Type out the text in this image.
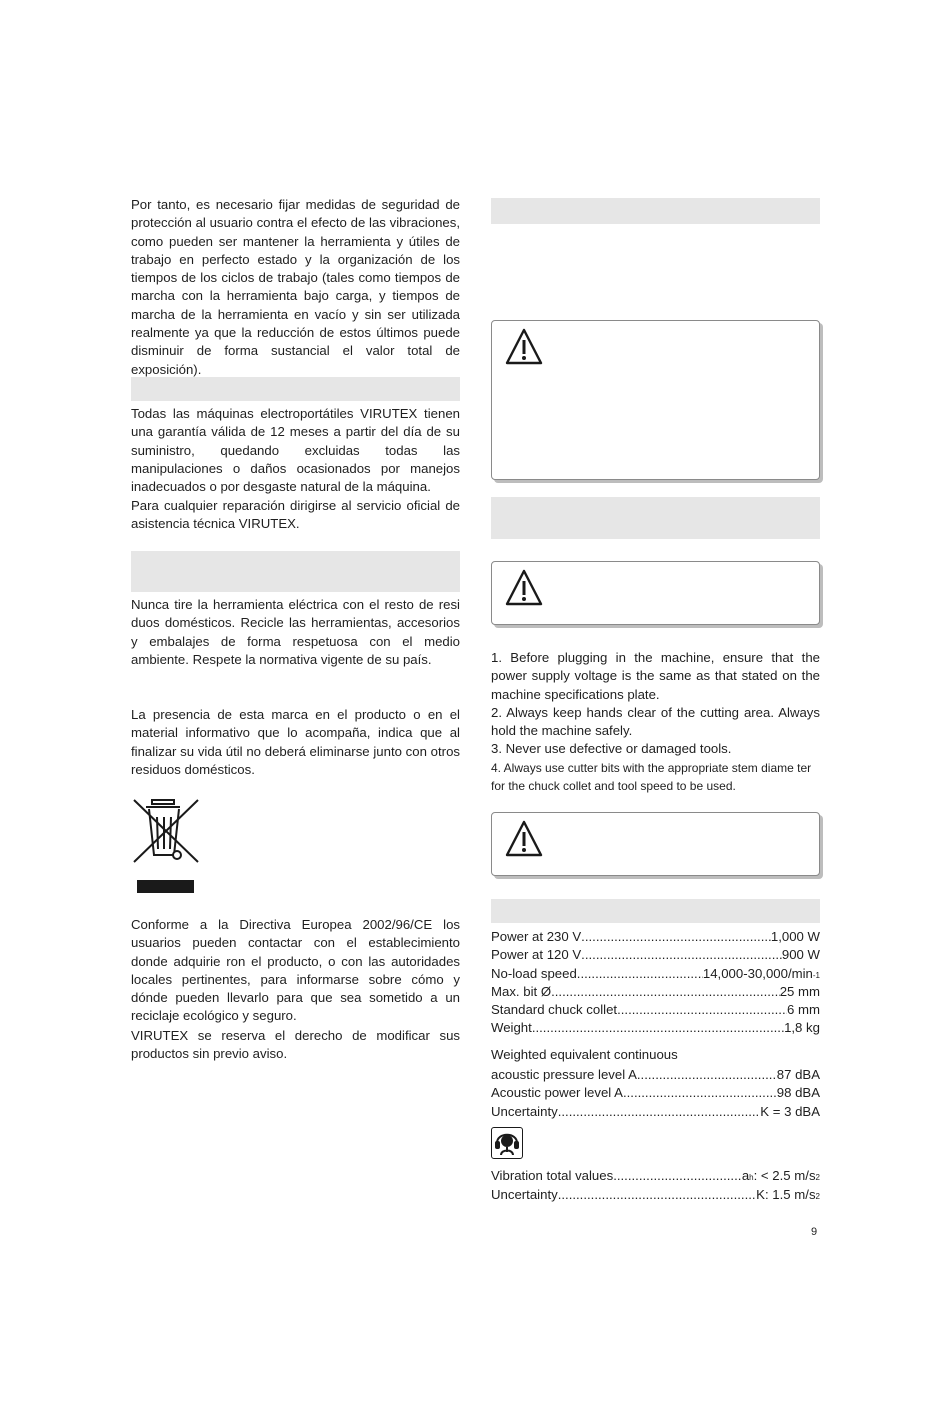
Por tanto, es necesario fijar medidas de seguridad de protección al usuario contra el efecto de las vibraciones, como pueden ser mantener la herramienta y útiles de trabajo en perfecto estado y la organización de los tiempos de los ciclos de trabajo (tales como tiempos de marcha con la herramienta bajo carga, y tiempos de marcha de la herramienta en vacío y sin ser utilizada realmente ya que la reducción de estos últimos puede disminuir de forma sustancial el valor total de exposición).

Todas las máquinas electroportátiles VIRUTEX tienen una garantía válida de 12 meses a partir del día de su suministro, quedando excluidas todas las manipulaciones o daños ocasionados por manejos inadecuados o por desgaste natural de la máquina.

Para cualquier reparación dirigirse al servicio oficial de asistencia técnica VIRUTEX.

Nunca tire la herramienta eléctrica con el resto de resi duos domésticos. Recicle las herramientas, accesorios y embalajes de forma respetuosa con el medio ambiente. Respete la normativa vigente de su país.

La presencia de esta marca en el producto o en el material informativo que lo acompaña, indica que al finalizar su vida útil no deberá eliminarse junto con otros residuos domésticos.

Conforme a la Directiva Europea 2002/96/CE los usuarios pueden contactar con el establecimiento donde adquirie ron el producto, o con las autoridades locales pertinentes, para informarse sobre cómo y dónde pueden llevarlo para que sea sometido a un reciclaje ecológico y seguro.

VIRUTEX se reserva el derecho de modificar sus productos sin previo aviso.

1. Before plugging in the machine, ensure that the power supply voltage is the same as that stated on the machine specifications plate.

2. Always keep hands clear of the cutting area. Always hold the machine safely.

3. Never use defective or damaged tools.

4. Always use cutter bits with the appropriate stem diame ter for the chuck collet and tool speed to be used.

Power at 230 V .....	1,000 W
Power at 120 V .....	900 W
No-load speed .....	14,000-30,000/min -1
Max. bit Ø .....	25 mm
Standard chuck collet .....	6 mm
Weight .....	1,8 kg
Weighted equivalent continuous
acoustic pressure level A .....	87 dBA
Acoustic power level A .....	98 dBA
Uncertainty .....	K = 3 dBA
Vibration total values .....	a h : < 2.5 m/s 2
Uncertainty .....	K: 1.5 m/s 2
9
